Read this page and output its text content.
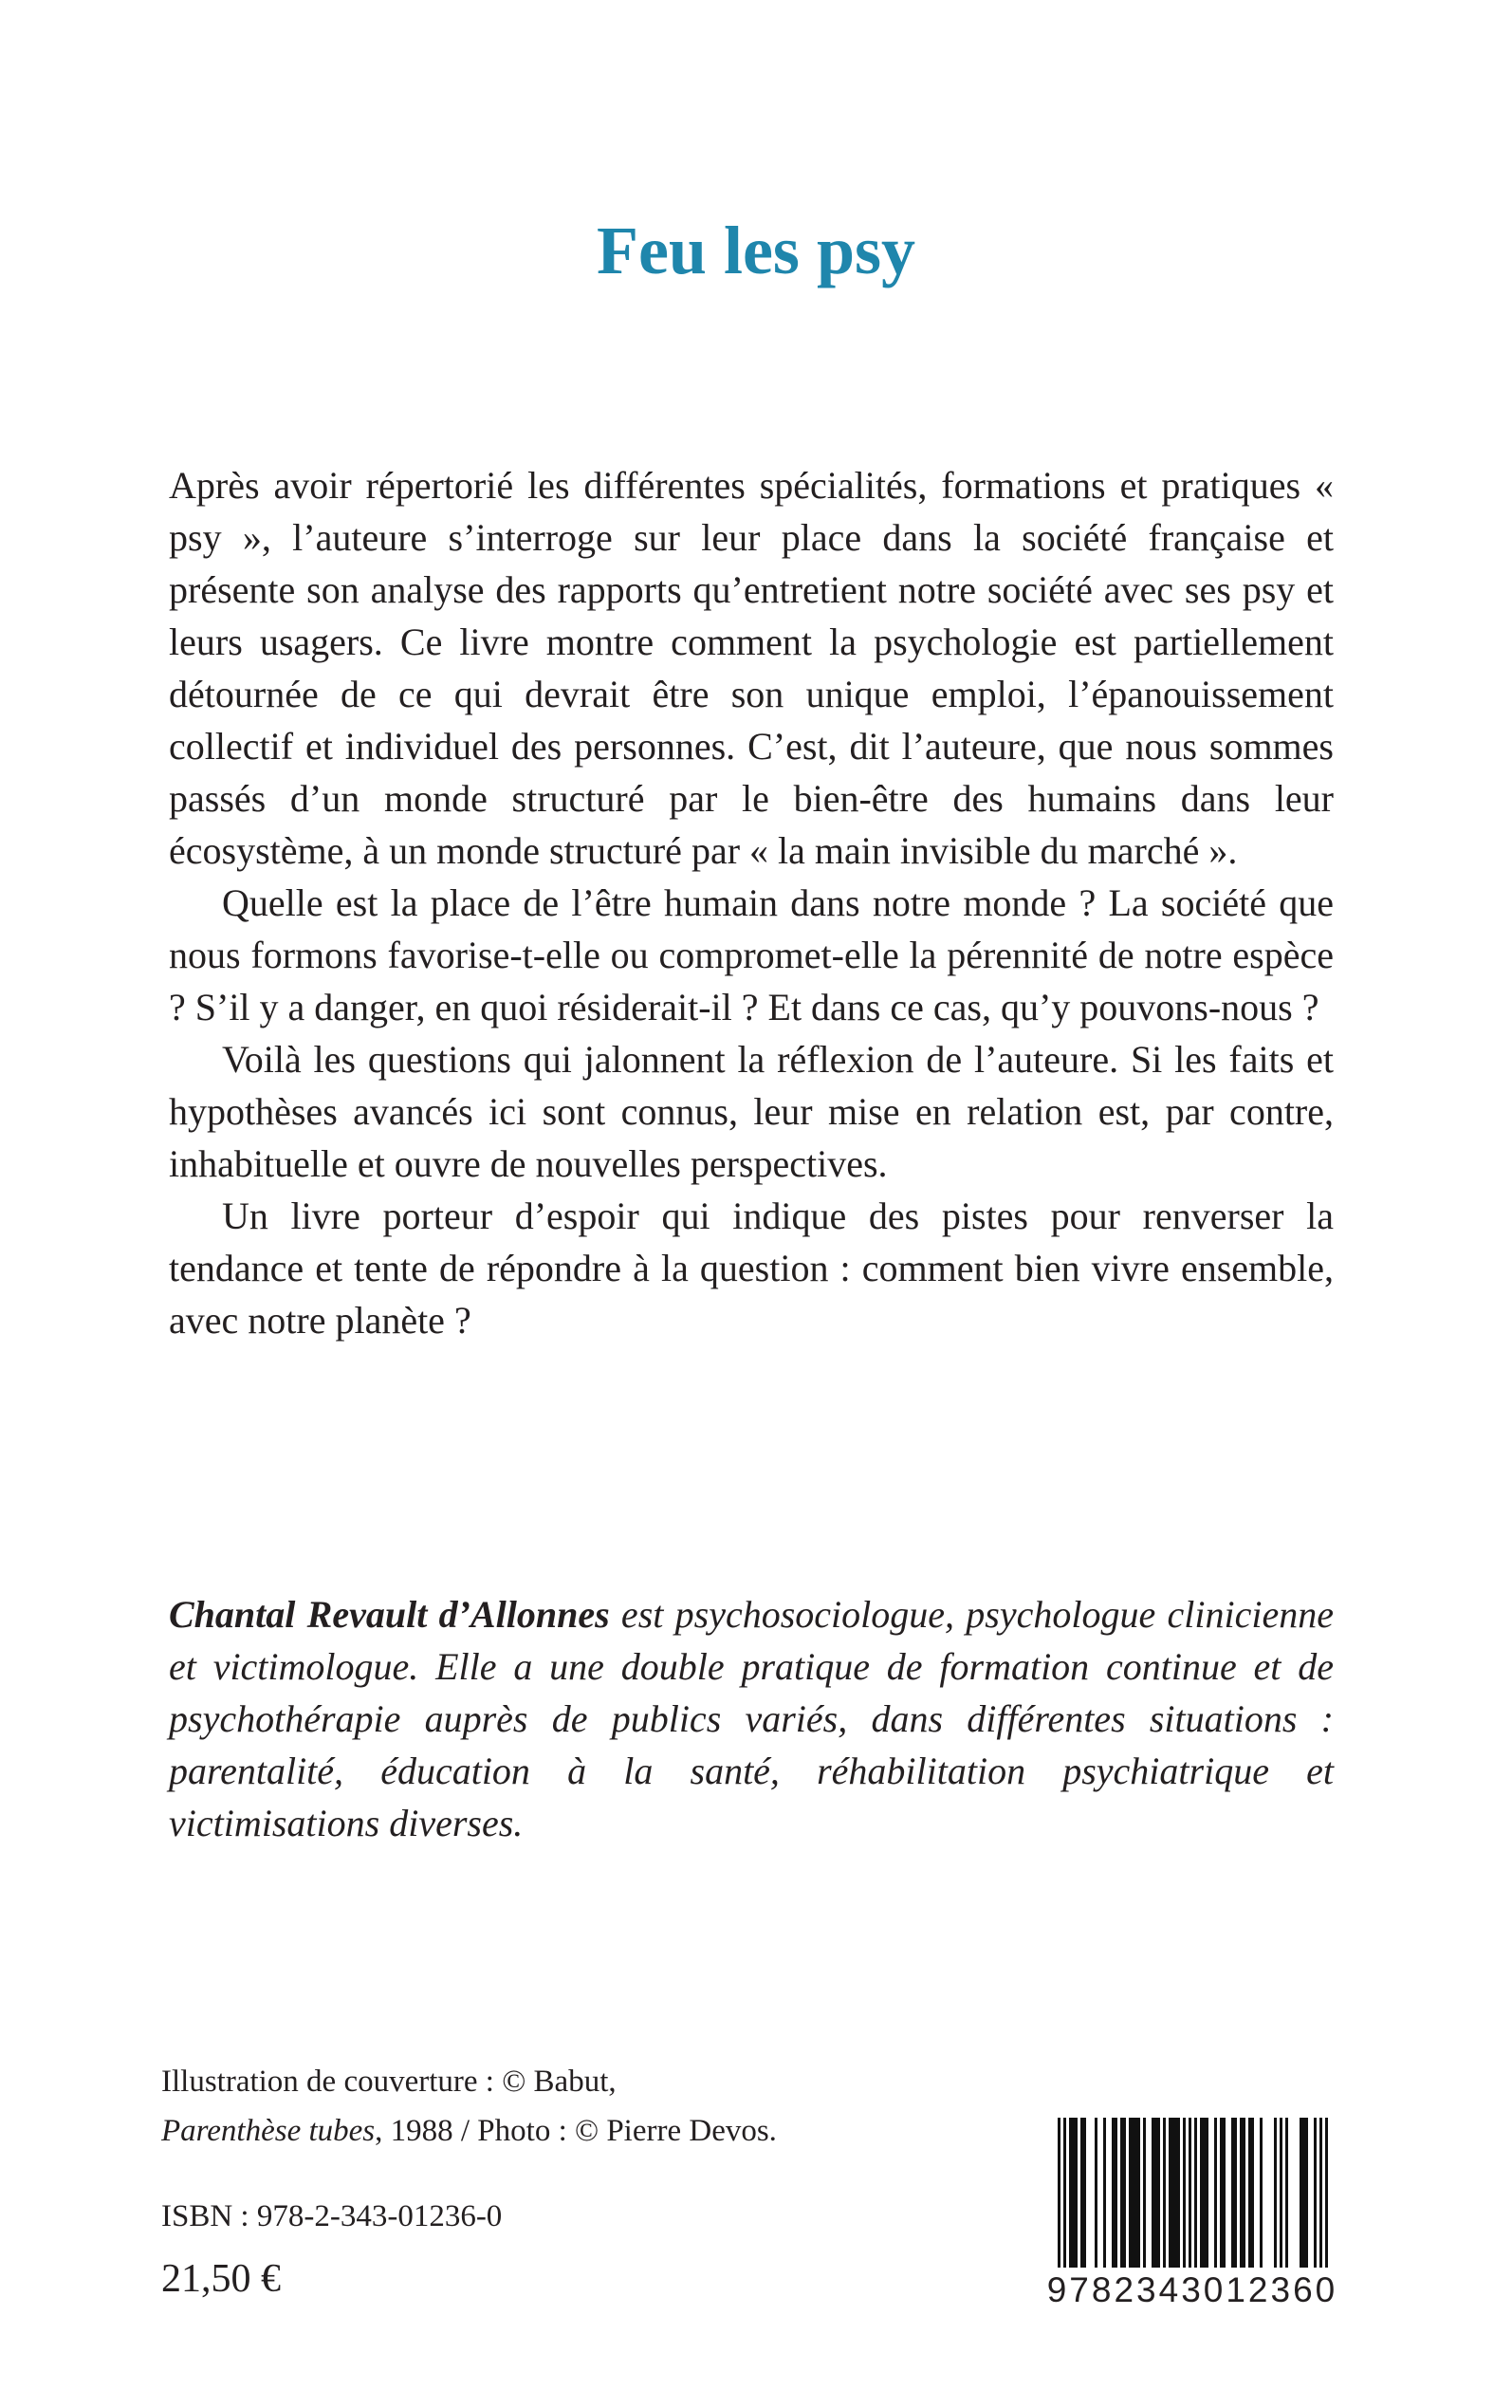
Feu les psy

Après avoir répertorié les différentes spécialités, formations et pratiques « psy », l’auteure s’interroge sur leur place dans la société française et présente son analyse des rapports qu’entretient notre société avec ses psy et leurs usagers. Ce livre montre comment la psychologie est partiellement détournée de ce qui devrait être son unique emploi, l’épanouissement collectif et individuel des personnes. C’est, dit l’auteure, que nous sommes passés d’un monde structuré par le bien-être des humains dans leur écosystème, à un monde structuré par « la main invisible du marché ».

Quelle est la place de l’être humain dans notre monde ? La société que nous formons favorise-t-elle ou compromet-elle la pérennité de notre espèce ? S’il y a danger, en quoi résiderait-il ? Et dans ce cas, qu’y pouvons-nous ?

Voilà les questions qui jalonnent la réflexion de l’auteure. Si les faits et hypothèses avancés ici sont connus, leur mise en relation est, par contre, inhabituelle et ouvre de nouvelles perspectives.

Un livre porteur d’espoir qui indique des pistes pour renverser la tendance et tente de répondre à la question : comment bien vivre ensemble, avec notre planète ?

Chantal Revault d’Allonnes est psychosociologue, psychologue clinicienne et victimologue. Elle a une double pratique de formation continue et de psychothérapie auprès de publics variés, dans différentes situations : parentalité, éducation à la santé, réhabilitation psychiatrique et victimisations diverses.

Illustration de couverture : © Babut,
Parenthèse tubes, 1988 / Photo : © Pierre Devos.
ISBN : 978-2-343-01236-0
21,50 €	9782343012360
